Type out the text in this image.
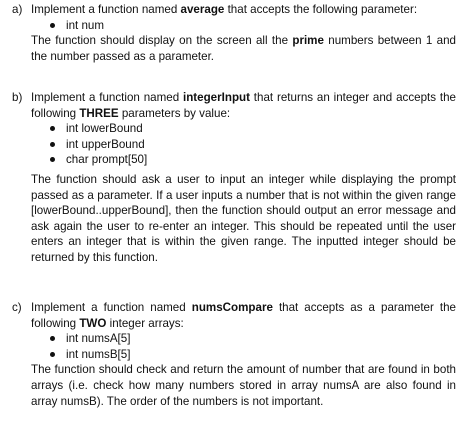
a) Implement a function named average that accepts the following parameter:
int num
The function should display on the screen all the prime numbers between 1 and the number passed as a parameter.
b) Implement a function named integerInput that returns an integer and accepts the following THREE parameters by value:
int lowerBound
int upperBound
char prompt[50]
The function should ask a user to input an integer while displaying the prompt passed as a parameter. If a user inputs a number that is not within the given range [lowerBound..upperBound], then the function should output an error message and ask again the user to re-enter an integer. This should be repeated until the user enters an integer that is within the given range. The inputted integer should be returned by this function.
c) Implement a function named numsCompare that accepts as a parameter the following TWO integer arrays:
int numsA[5]
int numsB[5]
The function should check and return the amount of number that are found in both arrays (i.e. check how many numbers stored in array numsA are also found in array numsB). The order of the numbers is not important.
